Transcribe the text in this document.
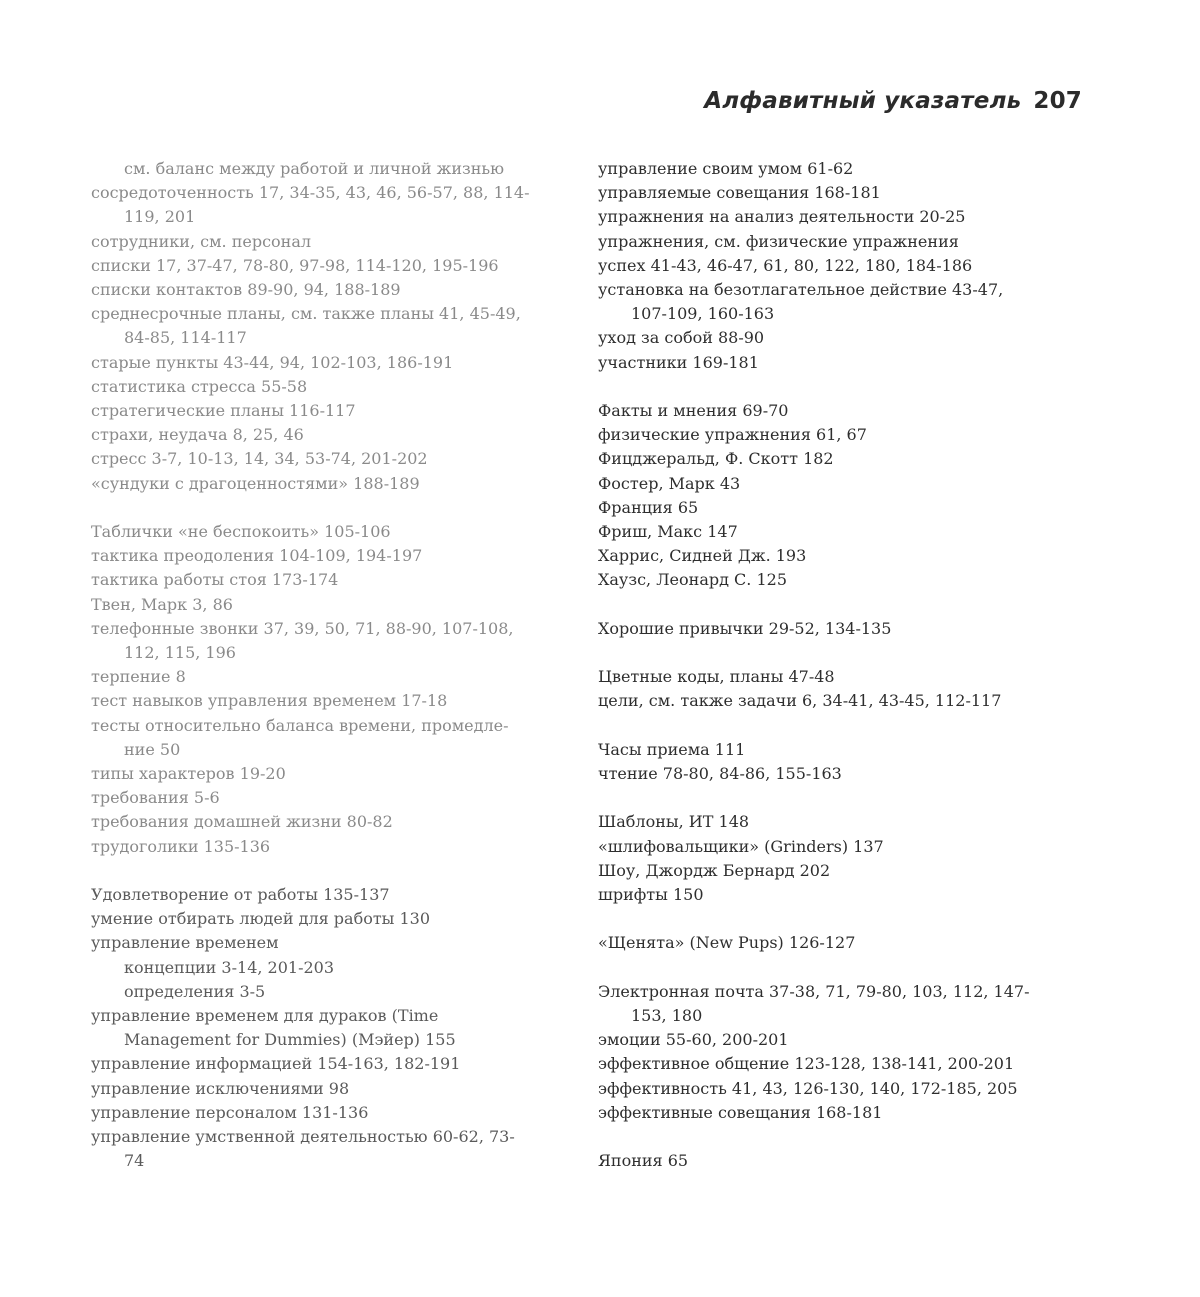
Алфавитный указатель 207
см. баланс между работой и личной жизнью
сосредоточенность 17, 34-35, 43, 46, 56-57, 88, 114-
119, 201
сотрудники, см. персонал
списки 17, 37-47, 78-80, 97-98, 114-120, 195-196
списки контактов 89-90, 94, 188-189
среднесрочные планы, см. также планы 41, 45-49,
84-85, 114-117
старые пункты 43-44, 94, 102-103, 186-191
статистика стресса 55-58
стратегические планы 116-117
страхи, неудача 8, 25, 46
стресс 3-7, 10-13, 14, 34, 53-74, 201-202
«сундуки с драгоценностями» 188-189
Таблички «не беспокоить» 105-106
тактика преодоления 104-109, 194-197
тактика работы стоя 173-174
Твен, Марк 3, 86
телефонные звонки 37, 39, 50, 71, 88-90, 107-108,
112, 115, 196
терпение 8
тест навыков управления временем 17-18
тесты относительно баланса времени, промедле-
ние 50
типы характеров 19-20
требования 5-6
требования домашней жизни 80-82
трудоголики 135-136
Удовлетворение от работы 135-137
умение отбирать людей для работы 130
управление временем
концепции 3-14, 201-203
определения 3-5
управление временем для дураков (Time
Management for Dummies) (Мэйер) 155
управление информацией 154-163, 182-191
управление исключениями 98
управление персоналом 131-136
управление умственной деятельностью 60-62, 73-
74
управление своим умом 61-62
управляемые совещания 168-181
упражнения на анализ деятельности 20-25
упражнения, см. физические упражнения
успех 41-43, 46-47, 61, 80, 122, 180, 184-186
установка на безотлагательное действие 43-47,
107-109, 160-163
уход за собой 88-90
участники 169-181
Факты и мнения 69-70
физические упражнения 61, 67
Фицджеральд, Ф. Скотт 182
Фостер, Марк 43
Франция 65
Фриш, Макс 147
Харрис, Сидней Дж. 193
Хаузс, Леонард С. 125
Хорошие привычки 29-52, 134-135
Цветные коды, планы 47-48
цели, см. также задачи 6, 34-41, 43-45, 112-117
Часы приема 111
чтение 78-80, 84-86, 155-163
Шаблоны, ИТ 148
«шлифовальщики» (Grinders) 137
Шоу, Джордж Бернард 202
шрифты 150
«Щенята» (New Pups) 126-127
Электронная почта 37-38, 71, 79-80, 103, 112, 147-
153, 180
эмоции 55-60, 200-201
эффективное общение 123-128, 138-141, 200-201
эффективность 41, 43, 126-130, 140, 172-185, 205
эффективные совещания 168-181
Япония 65
